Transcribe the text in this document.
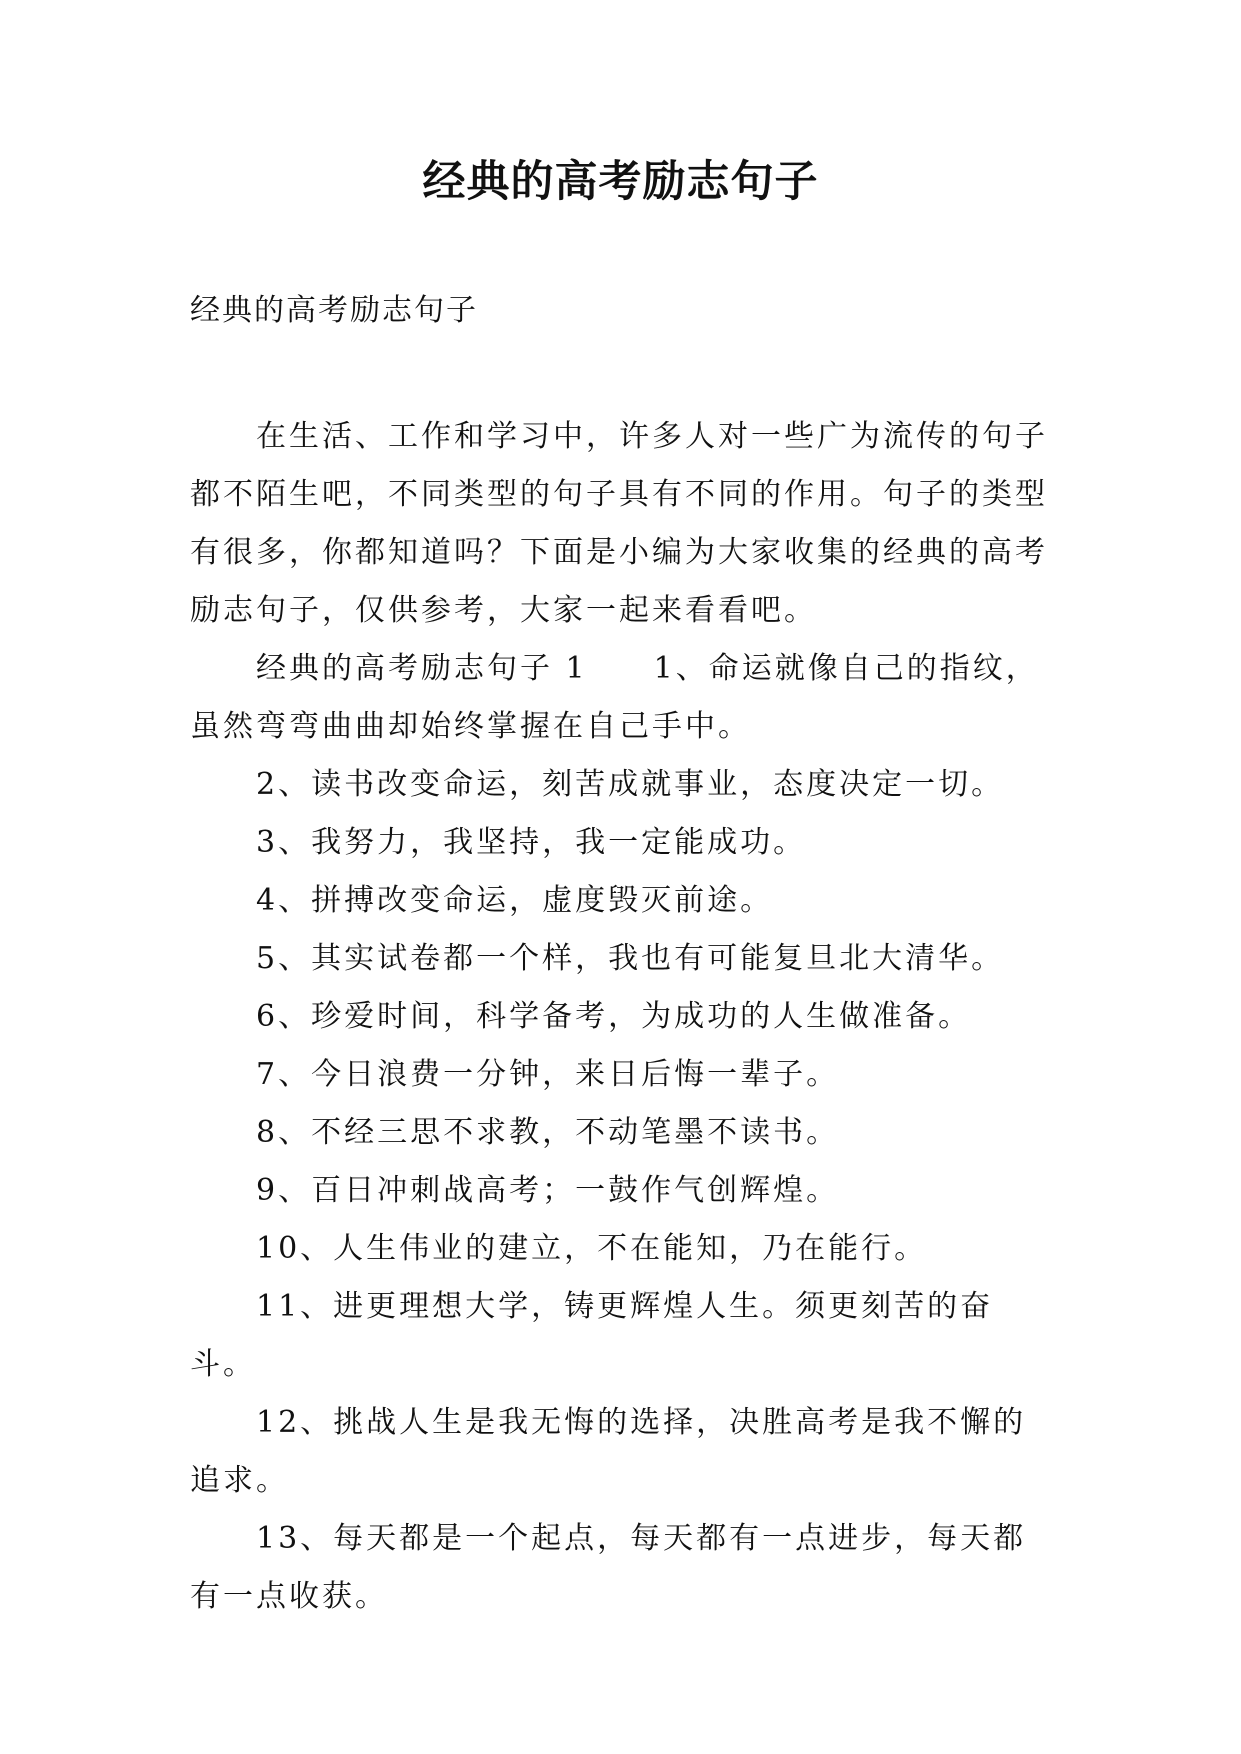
经典的高考励志句子

经典的高考励志句子

在生活、工作和学习中，许多人对一些广为流传的句子都不陌生吧，不同类型的句子具有不同的作用。句子的类型有很多，你都知道吗？下面是小编为大家收集的经典的高考励志句子，仅供参考，大家一起来看看吧。

经典的高考励志句子 1　　1、命运就像自己的指纹，虽然弯弯曲曲却始终掌握在自己手中。

2、读书改变命运，刻苦成就事业，态度决定一切。

3、我努力，我坚持，我一定能成功。

4、拼搏改变命运，虚度毁灭前途。

5、其实试卷都一个样，我也有可能复旦北大清华。

6、珍爱时间，科学备考，为成功的人生做准备。

7、今日浪费一分钟，来日后悔一辈子。

8、不经三思不求教，不动笔墨不读书。

9、百日冲刺战高考；一鼓作气创辉煌。

10、人生伟业的建立，不在能知，乃在能行。

11、进更理想大学，铸更辉煌人生。须更刻苦的奋斗。

12、挑战人生是我无悔的选择，决胜高考是我不懈的追求。

13、每天都是一个起点，每天都有一点进步，每天都有一点收获。
